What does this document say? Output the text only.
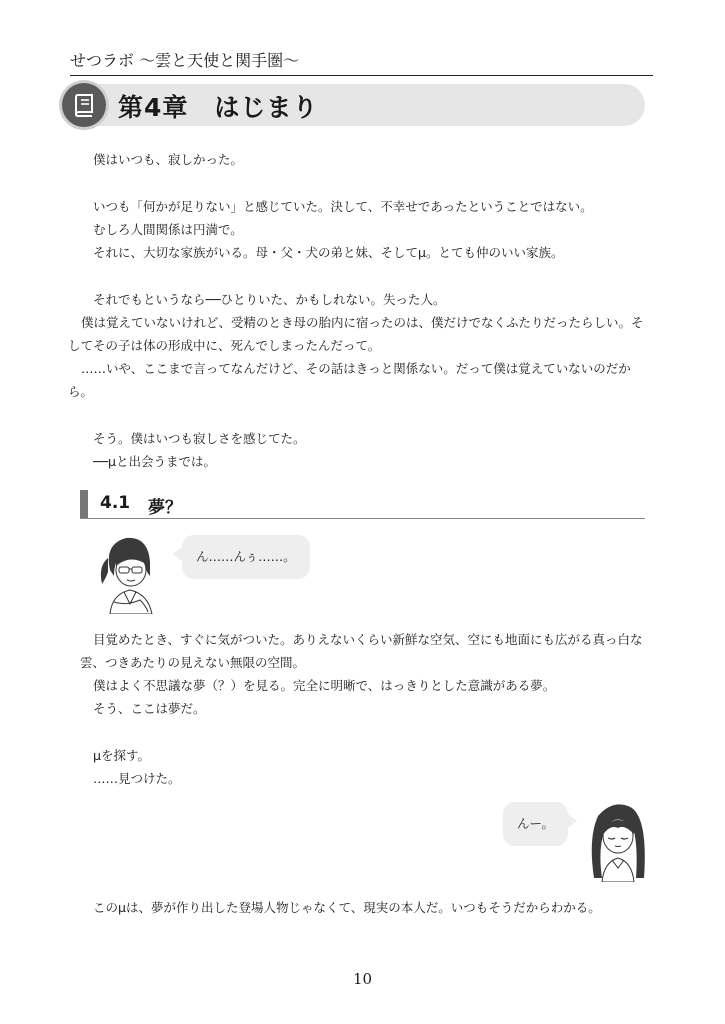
せつラボ 〜雲と天使と関手圏〜
第4章　はじまり

僕はいつも、寂しかった。

いつも「何かが足りない」と感じていた。決して、不幸せであったということではない。

むしろ人間関係は円満で。

それに、大切な家族がいる。母・父・犬の弟と妹、そしてμ。とても仲のいい家族。

それでもというなら──ひとりいた、かもしれない。失った人。

僕は覚えていないけれど、受精のとき母の胎内に宿ったのは、僕だけでなくふたりだったらしい。そしてその子は体の形成中に、死んでしまったんだって。

……いや、ここまで言ってなんだけど、その話はきっと関係ない。だって僕は覚えていないのだから。

そう。僕はいつも寂しさを感じてた。

──μと出会うまでは。

4.1 夢？
ん……んぅ……。

目覚めたとき、すぐに気がついた。ありえないくらい新鮮な空気、空にも地面にも広がる真っ白な雲、つきあたりの見えない無限の空間。

僕はよく不思議な夢（？）を見る。完全に明晰で、はっきりとした意識がある夢。

そう、ここは夢だ。

μを探す。

……見つけた。

んー。

このμは、夢が作り出した登場人物じゃなくて、現実の本人だ。いつもそうだからわかる。

10
